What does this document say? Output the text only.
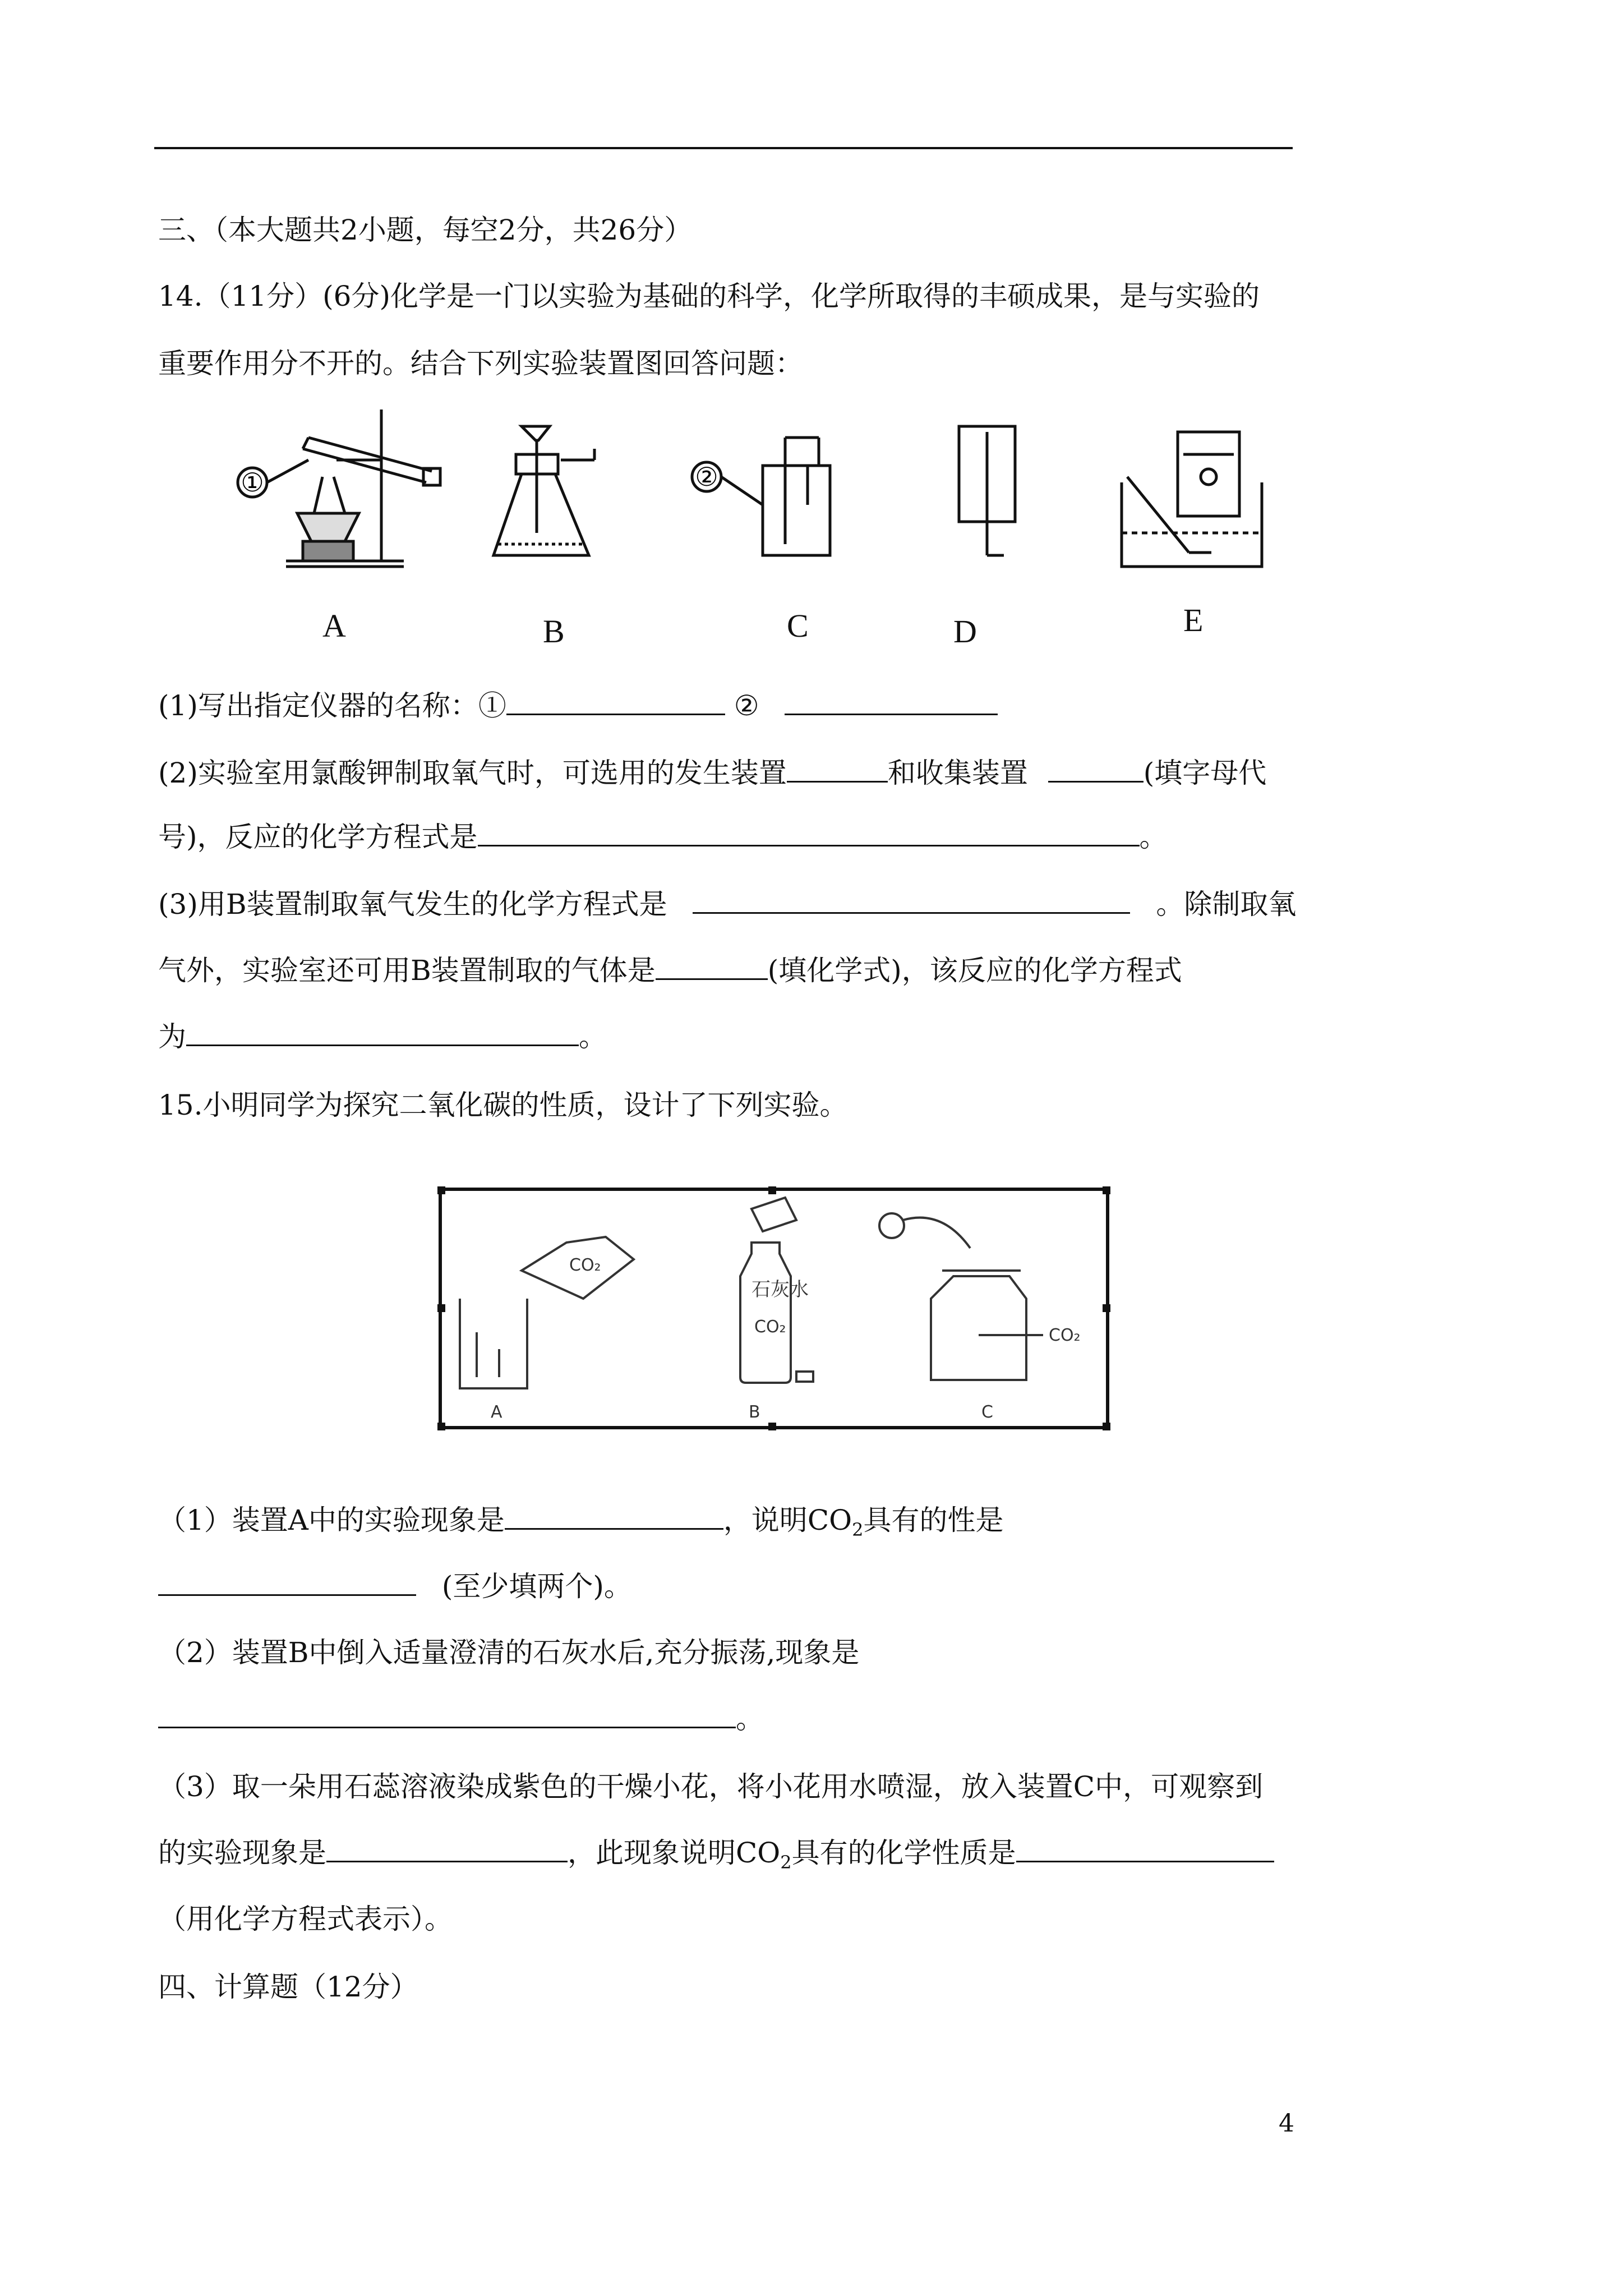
三、（本大题共2小题，每空2分，共26分）
14.（11分）(6分)化学是一门以实验为基础的科学，化学所取得的丰硕成果，是与实验的
重要作用分不开的。结合下列实验装置图回答问题：
①	②
A	B	C	D	E
(1)写出指定仪器的名称：①	②
(2)实验室用氯酸钾制取氧气时，可选用的发生装置	和收集装置	(填字母代
号)，反应的化学方程式是	。
(3)用B装置制取氧气发生的化学方程式是	。除制取氧
气外，实验室还可用B装置制取的气体是	(填化学式)，该反应的化学方程式
为	。
15.小明同学为探究二氧化碳的性质，设计了下列实验。
CO₂
石灰水
CO₂	CO₂
A	B	C
（1）装置A中的实验现象是	，说明$CO_2$具有的性是
(至少填两个)。
（2）装置B中倒入适量澄清的石灰水后,充分振荡,现象是
。
（3）取一朵用石蕊溶液染成紫色的干燥小花，将小花用水喷湿，放入装置C中，可观察到
的实验现象是	，此现象说明$CO_2$具有的化学性质是
（用化学方程式表示）。
四、计算题（12分）
4
